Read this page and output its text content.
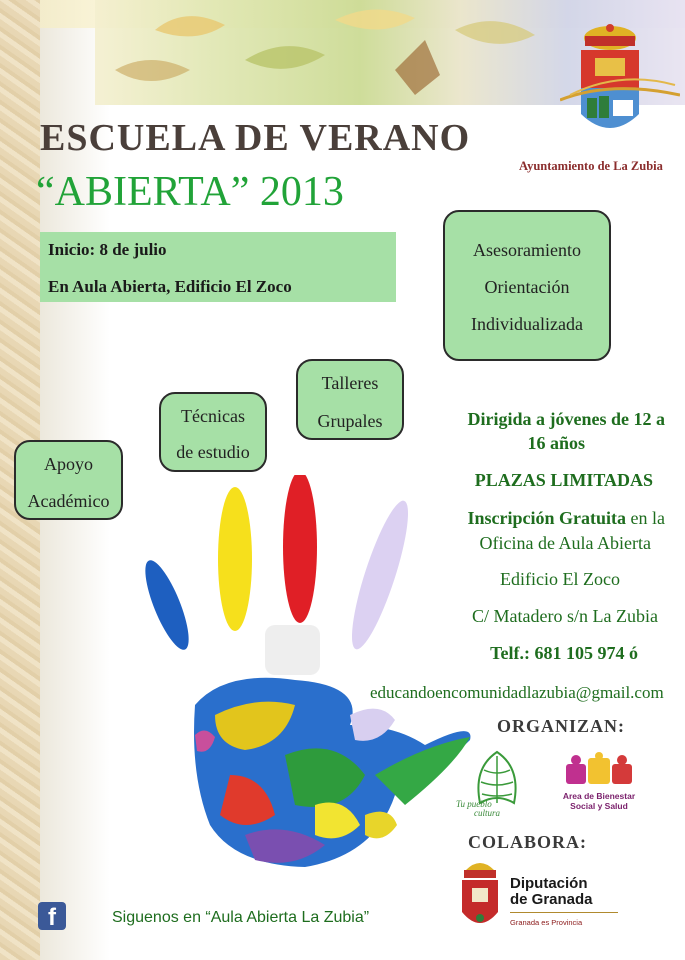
ESCUELA DE VERANO
“ABIERTA” 2013
Ayuntamiento de La Zubia
Inicio: 8 de julio
En Aula Abierta, Edificio El Zoco
Asesoramiento
Orientación
Individualizada
Talleres
Grupales
Técnicas
de estudio
Apoyo
Académico
Dirigida a jóvenes de 12 a
16 años
PLAZAS LIMITADAS
Inscripción Gratuita en la
Oficina de Aula Abierta
Edificio El Zoco
C/ Matadero s/n La Zubia
Telf.: 681 105 974 ó
educandoencomunidadlazubia@gmail.com
ORGANIZAN:
Tu pueblo
cultura
Area de Bienestar
Social y Salud
COLABORA:
Diputación
de Granada
Granada es Provincia
f	Siguenos en “Aula Abierta La Zubia”
